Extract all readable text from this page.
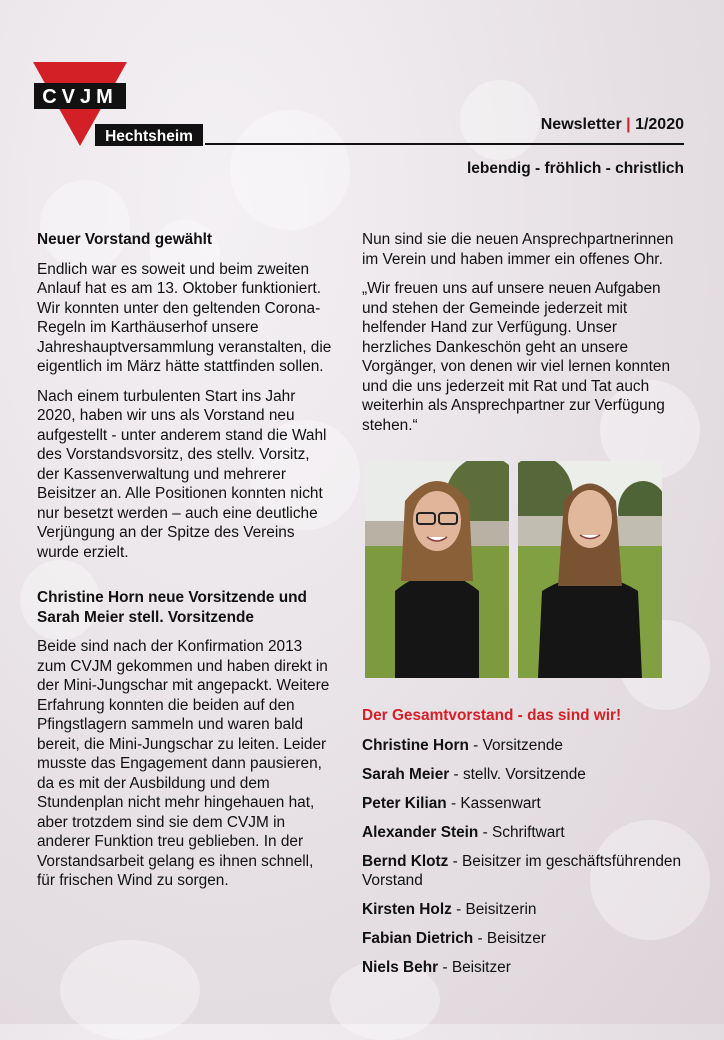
CVJM
Hechtsheim
Newsletter | 1/2020
lebendig - fröhlich - christlich
Neuer Vorstand gewählt

Endlich war es soweit und beim zweiten Anlauf hat es am 13. Oktober funktioniert. Wir konnten unter den geltenden Corona-Regeln im Karthäuserhof unsere Jahreshauptversammlung veranstalten, die eigentlich im März hätte stattfinden sollen.

Nach einem turbulenten Start ins Jahr 2020, haben wir uns als Vorstand neu aufgestellt - unter anderem stand die Wahl des Vorstandsvorsitz, des stellv. Vorsitz, der Kassenverwaltung und mehrerer Beisitzer an. Alle Positionen konnten nicht nur besetzt werden – auch eine deutliche Verjüngung an der Spitze des Vereins wurde erzielt.

Christine Horn neue Vorsitzende und Sarah Meier stell. Vorsitzende

Beide sind nach der Konfirmation 2013 zum CVJM gekommen und haben direkt in der Mini-Jungschar mit angepackt. Weitere Erfahrung konnten die beiden auf den Pfingstlagern sammeln und waren bald bereit, die Mini-Jungschar zu leiten. Leider musste das Engagement dann pausieren, da es mit der Ausbildung und dem Stundenplan nicht mehr hingehauen hat, aber trotzdem sind sie dem CVJM in anderer Funktion treu geblieben. In der Vorstandsarbeit gelang es ihnen schnell, für frischen Wind zu sorgen.

Nun sind sie die neuen Ansprechpartnerinnen im Verein und haben immer ein offenes Ohr.

„Wir freuen uns auf unsere neuen Aufgaben und stehen der Gemeinde jederzeit mit helfender Hand zur Verfügung. Unser herzliches Dankeschön geht an unsere Vorgänger, von denen wir viel lernen konnten und die uns jederzeit mit Rat und Tat auch weiterhin als Ansprechpartner zur Verfügung stehen.“

Der Gesamtvorstand - das sind wir!
Christine Horn - Vorsitzende
Sarah Meier - stellv. Vorsitzende
Peter Kilian - Kassenwart
Alexander Stein - Schriftwart
Bernd Klotz - Beisitzer im geschäftsführenden Vorstand
Kirsten Holz - Beisitzerin
Fabian Dietrich - Beisitzer
Niels Behr - Beisitzer
